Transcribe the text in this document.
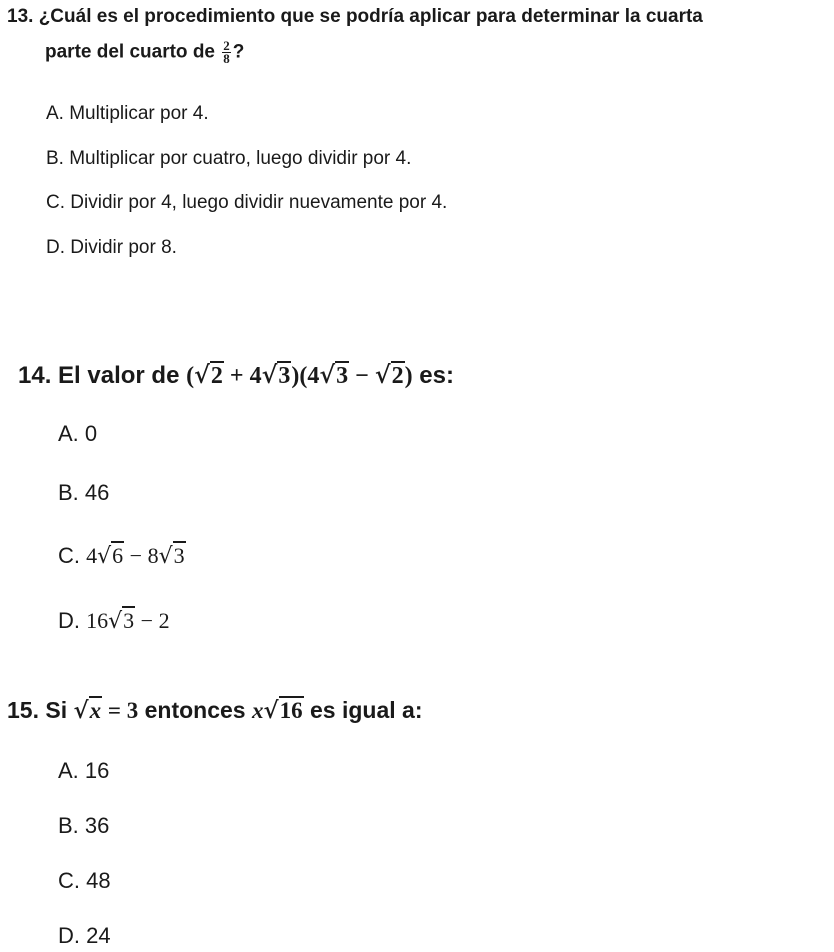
13. ¿Cuál es el procedimiento que se podría aplicar para determinar la cuarta
parte del cuarto de $\frac{2}{8}$ ?
A. Multiplicar por 4.
B. Multiplicar por cuatro, luego dividir por 4.
C. Dividir por 4, luego dividir nuevamente por 4.
D. Dividir por 8.
14. El valor de (√2 + 4√3)(4√3 − √2) es:
A. 0
B. 46
C. 4√6 − 8√3
D. 16√3 − 2
15. Si √x = 3 entonces x√16 es igual a:
A. 16
B. 36
C. 48
D. 24
